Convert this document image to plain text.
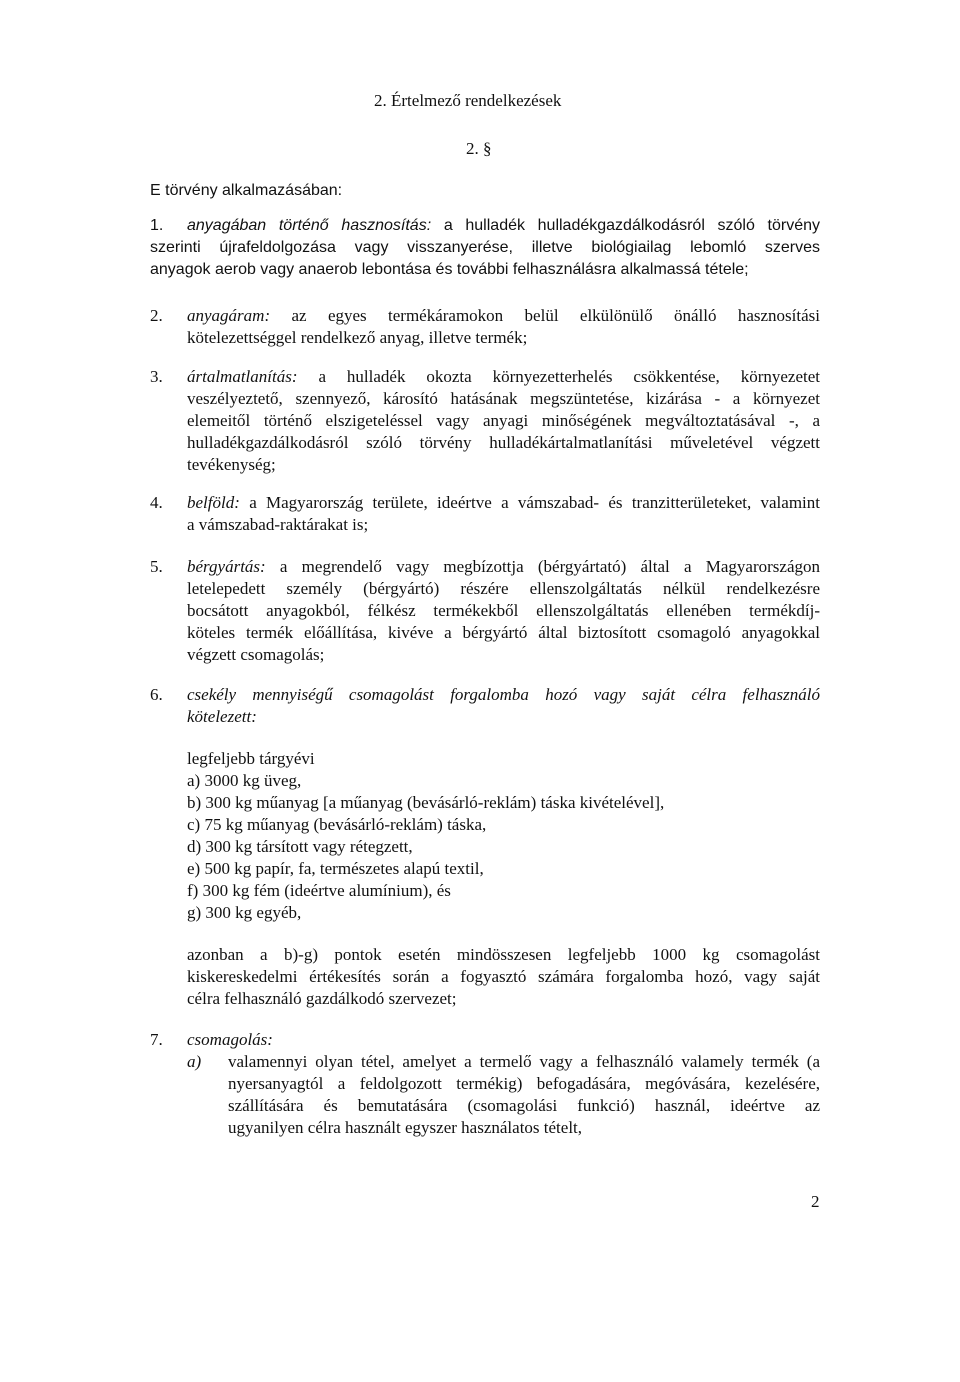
2. Értelmező rendelkezések
2. §
E törvény alkalmazásában:
1. anyagában történő hasznosítás: a hulladék hulladékgazdálkodásról szóló törvény
szerinti újrafeldolgozása vagy visszanyerése, illetve biológiailag lebomló szerves
anyagok aerob vagy anaerob lebontása és további felhasználásra alkalmassá tétele;
2. anyagáram: az egyes termékáramokon belül elkülönülő önálló hasznosítási
kötelezettséggel rendelkező anyag, illetve termék;
3. ártalmatlanítás: a hulladék okozta környezetterhelés csökkentése, környezetet
veszélyeztető, szennyező, károsító hatásának megszüntetése, kizárása - a környezet
elemeitől történő elszigeteléssel vagy anyagi minőségének megváltoztatásával -, a
hulladékgazdálkodásról szóló törvény hulladékártalmatlanítási műveletével végzett
tevékenység;
4. belföld: a Magyarország területe, ideértve a vámszabad- és tranzitterületeket, valamint
a vámszabad-raktárakat is;
5. bérgyártás: a megrendelő vagy megbízottja (bérgyártató) által a Magyarországon
letelepedett személy (bérgyártó) részére ellenszolgáltatás nélkül rendelkezésre
bocsátott anyagokból, félkész termékekből ellenszolgáltatás ellenében termékdíj-
köteles termék előállítása, kivéve a bérgyártó által biztosított csomagoló anyagokkal
végzett csomagolás;
6. csekély mennyiségű csomagolást forgalomba hozó vagy saját célra felhasználó
kötelezett:
legfeljebb tárgyévi
a) 3000 kg üveg,
b) 300 kg műanyag [a műanyag (bevásárló-reklám) táska kivételével],
c) 75 kg műanyag (bevásárló-reklám) táska,
d) 300 kg társított vagy rétegzett,
e) 500 kg papír, fa, természetes alapú textil,
f) 300 kg fém (ideértve alumínium), és
g) 300 kg egyéb,
azonban a b)-g) pontok esetén mindösszesen legfeljebb 1000 kg csomagolást
kiskereskedelmi értékesítés során a fogyasztó számára forgalomba hozó, vagy saját
célra felhasználó gazdálkodó szervezet;
7. csomagolás:
a) valamennyi olyan tétel, amelyet a termelő vagy a felhasználó valamely termék (a
nyersanyagtól a feldolgozott termékig) befogadására, megóvására, kezelésére,
szállítására és bemutatására (csomagolási funkció) használ, ideértve az
ugyanilyen célra használt egyszer használatos tételt,
2
